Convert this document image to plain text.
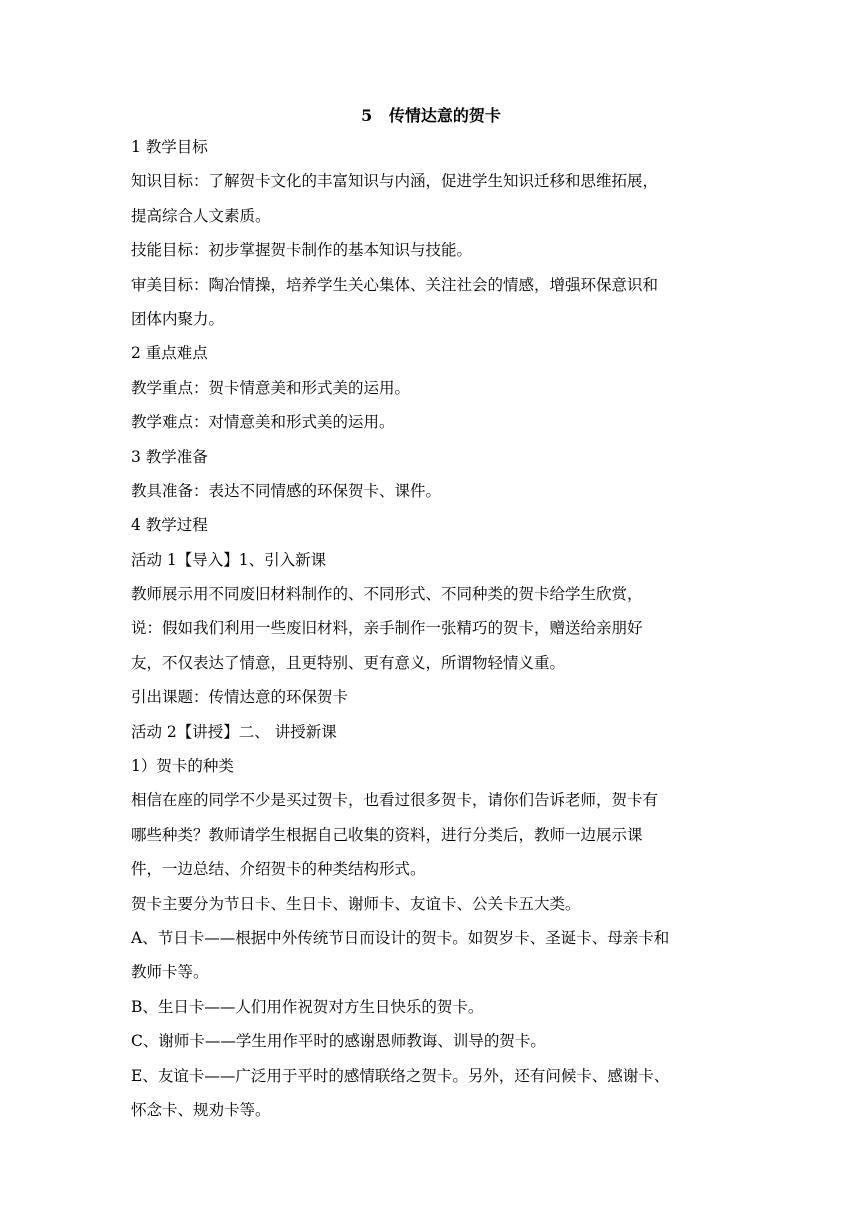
5   传情达意的贺卡
1 教学目标
知识目标：了解贺卡文化的丰富知识与内涵，促进学生知识迁移和思维拓展，
提高综合人文素质。
技能目标：初步掌握贺卡制作的基本知识与技能。
审美目标：陶冶情操，培养学生关心集体、关注社会的情感，增强环保意识和
团体内聚力。
2 重点难点
教学重点：贺卡情意美和形式美的运用。
教学难点：对情意美和形式美的运用。
3 教学准备
教具准备：表达不同情感的环保贺卡、课件。
4 教学过程
活动 1【导入】1、引入新课
教师展示用不同废旧材料制作的、不同形式、不同种类的贺卡给学生欣赏，
说：假如我们利用一些废旧材料，亲手制作一张精巧的贺卡，赠送给亲朋好
友，不仅表达了情意，且更特别、更有意义，所谓物轻情义重。
引出课题：传情达意的环保贺卡
活动 2【讲授】二、 讲授新课
1）贺卡的种类
相信在座的同学不少是买过贺卡，也看过很多贺卡，请你们告诉老师，贺卡有
哪些种类？教师请学生根据自己收集的资料，进行分类后，教师一边展示课
件，一边总结、介绍贺卡的种类结构形式。
贺卡主要分为节日卡、生日卡、谢师卡、友谊卡、公关卡五大类。
A、节日卡——根据中外传统节日而设计的贺卡。如贺岁卡、圣诞卡、母亲卡和
教师卡等。
B、生日卡——人们用作祝贺对方生日快乐的贺卡。
C、谢师卡——学生用作平时的感谢恩师教诲、训导的贺卡。
E、友谊卡——广泛用于平时的感情联络之贺卡。另外，还有问候卡、感谢卡、
怀念卡、规劝卡等。
